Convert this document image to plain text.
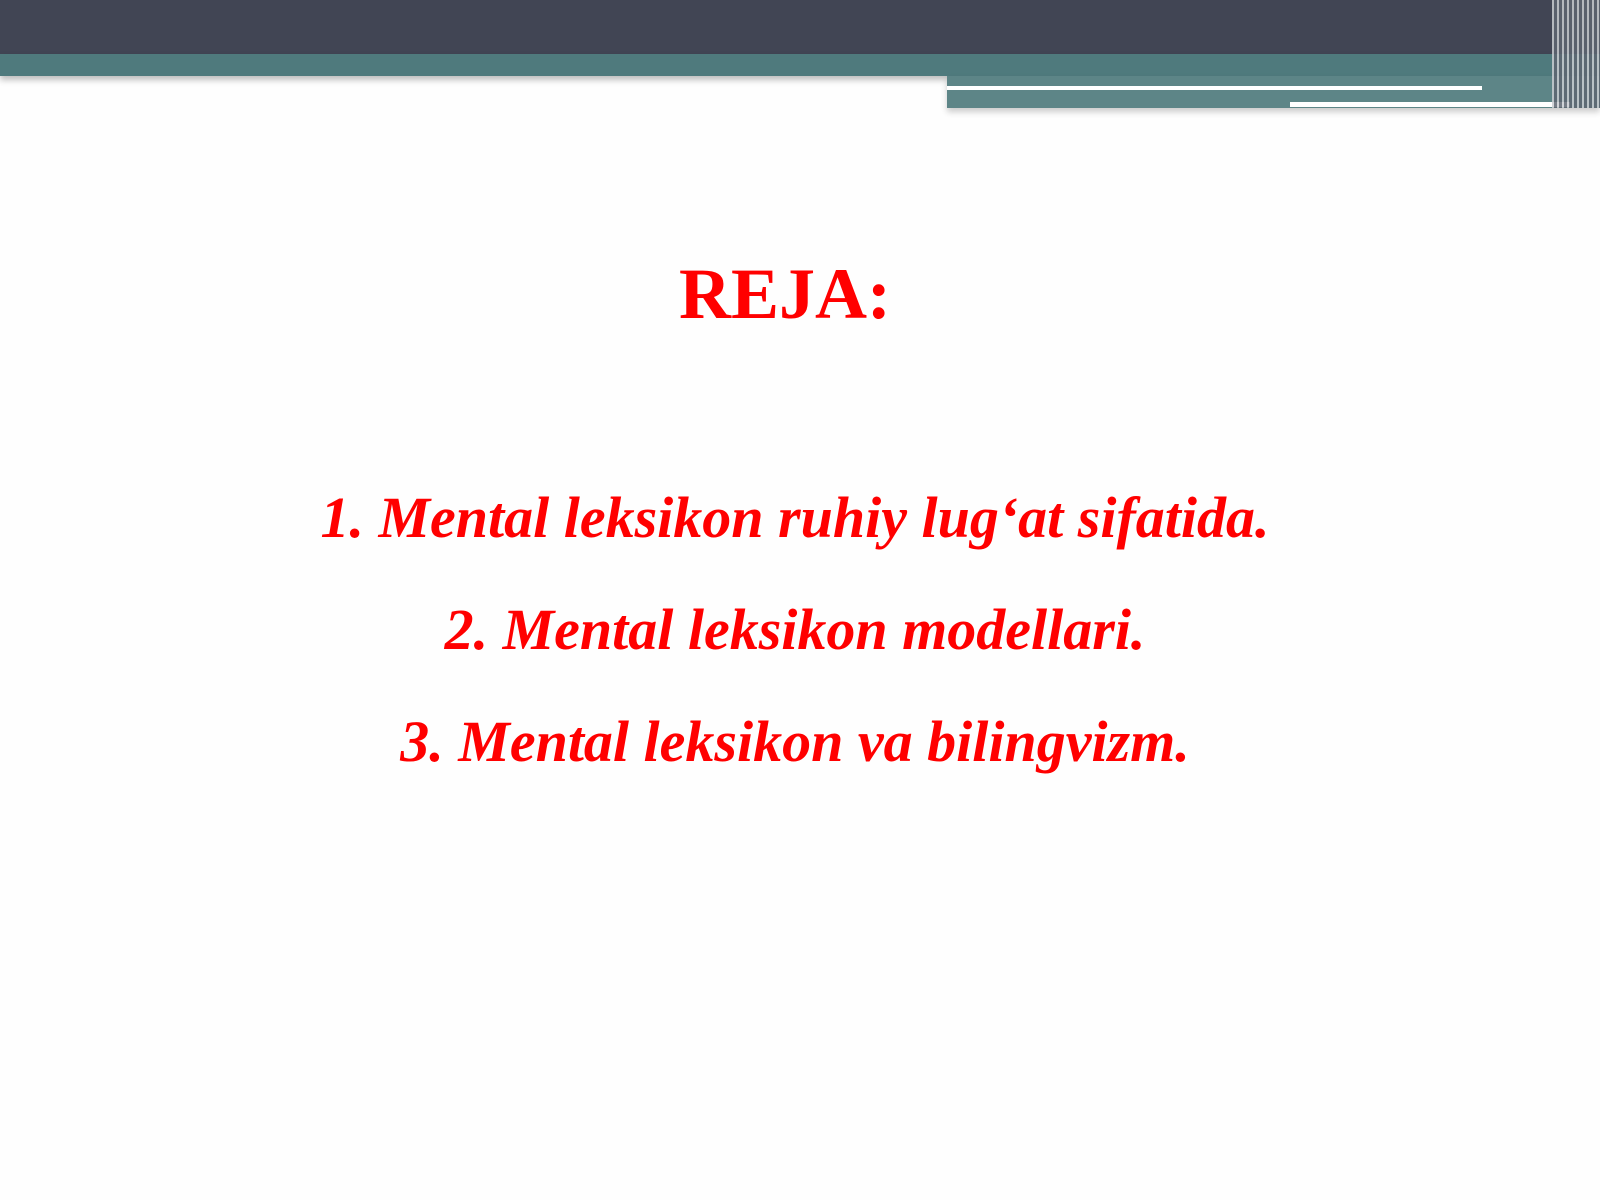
REJA:
1. Mental leksikon ruhiy lug‘at sifatida.
2. Mental leksikon modellari.
3. Mental leksikon va bilingvizm.
